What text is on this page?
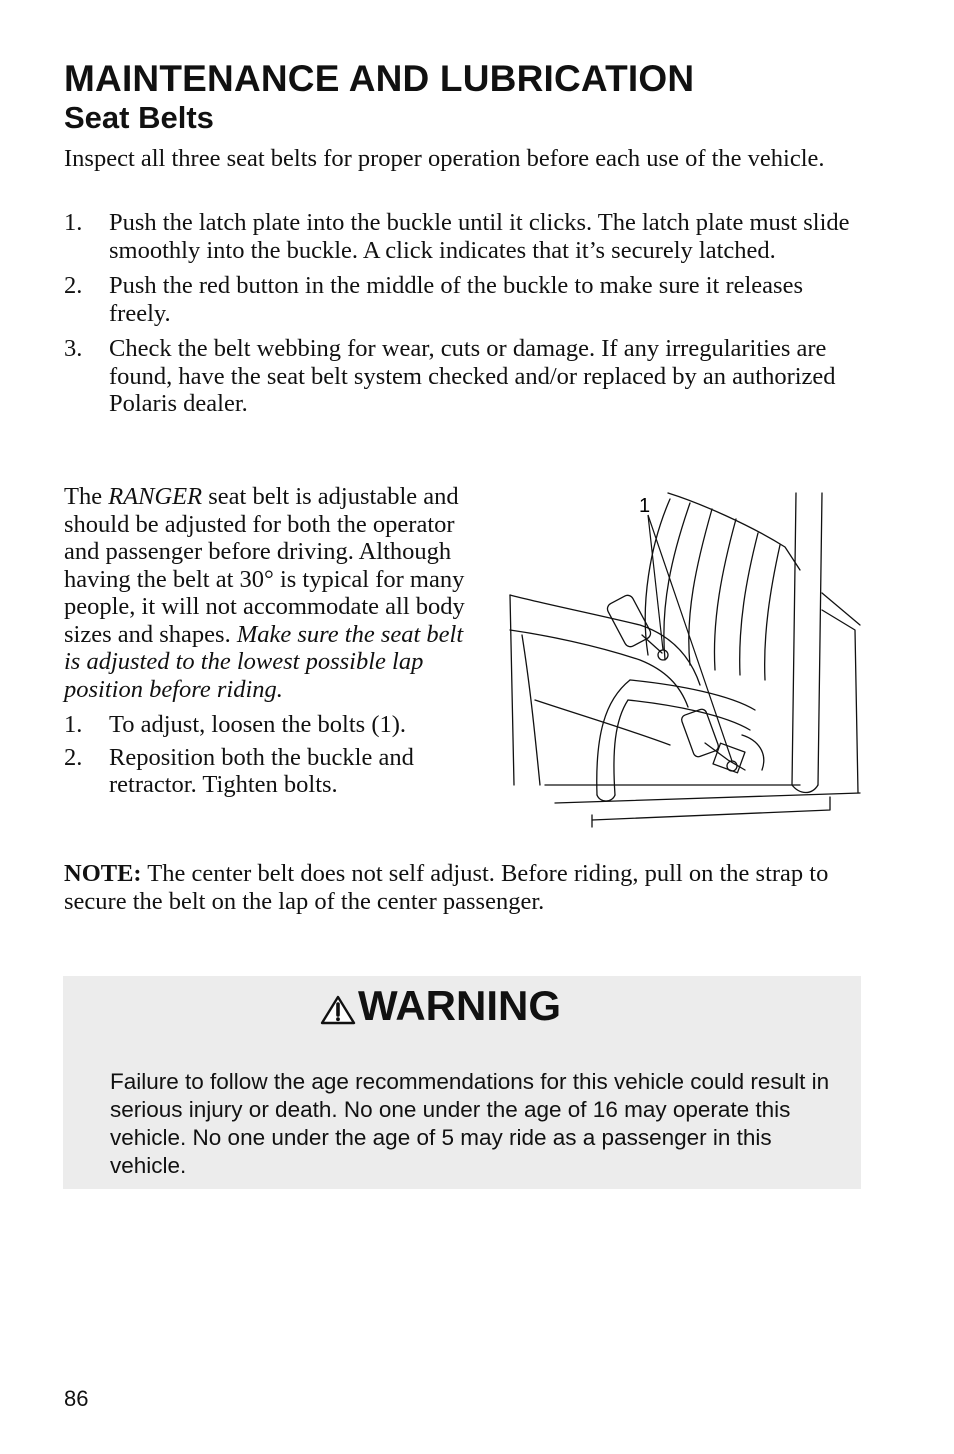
MAINTENANCE AND LUBRICATION
Seat Belts

Inspect all three seat belts for proper operation before each use of the vehicle.

1. Push the latch plate into the buckle until it clicks. The latch plate must slide smoothly into the buckle. A click indicates that it’s securely latched.
2. Push the red button in the middle of the buckle to make sure it releases freely.
3. Check the belt webbing for wear, cuts or damage. If any irregularities are found, have the seat belt system checked and/or replaced by an authorized Polaris dealer.

The RANGER seat belt is adjustable and should be adjusted for both the operator and passenger before driving. Although having the belt at 30° is typical for many people, it will not accommodate all body sizes and shapes. Make sure the seat belt is adjusted to the lowest possible lap position before riding.

1. To adjust, loosen the bolts (1).
2. Reposition both the buckle and retractor. Tighten bolts.
1

NOTE: The center belt does not self adjust. Before riding, pull on the strap to secure the belt on the lap of the center passenger.

WARNING

Failure to follow the age recommendations for this vehicle could result in serious injury or death. No one under the age of 16 may operate this vehicle. No one under the age of 5 may ride as a passenger in this vehicle.

86
